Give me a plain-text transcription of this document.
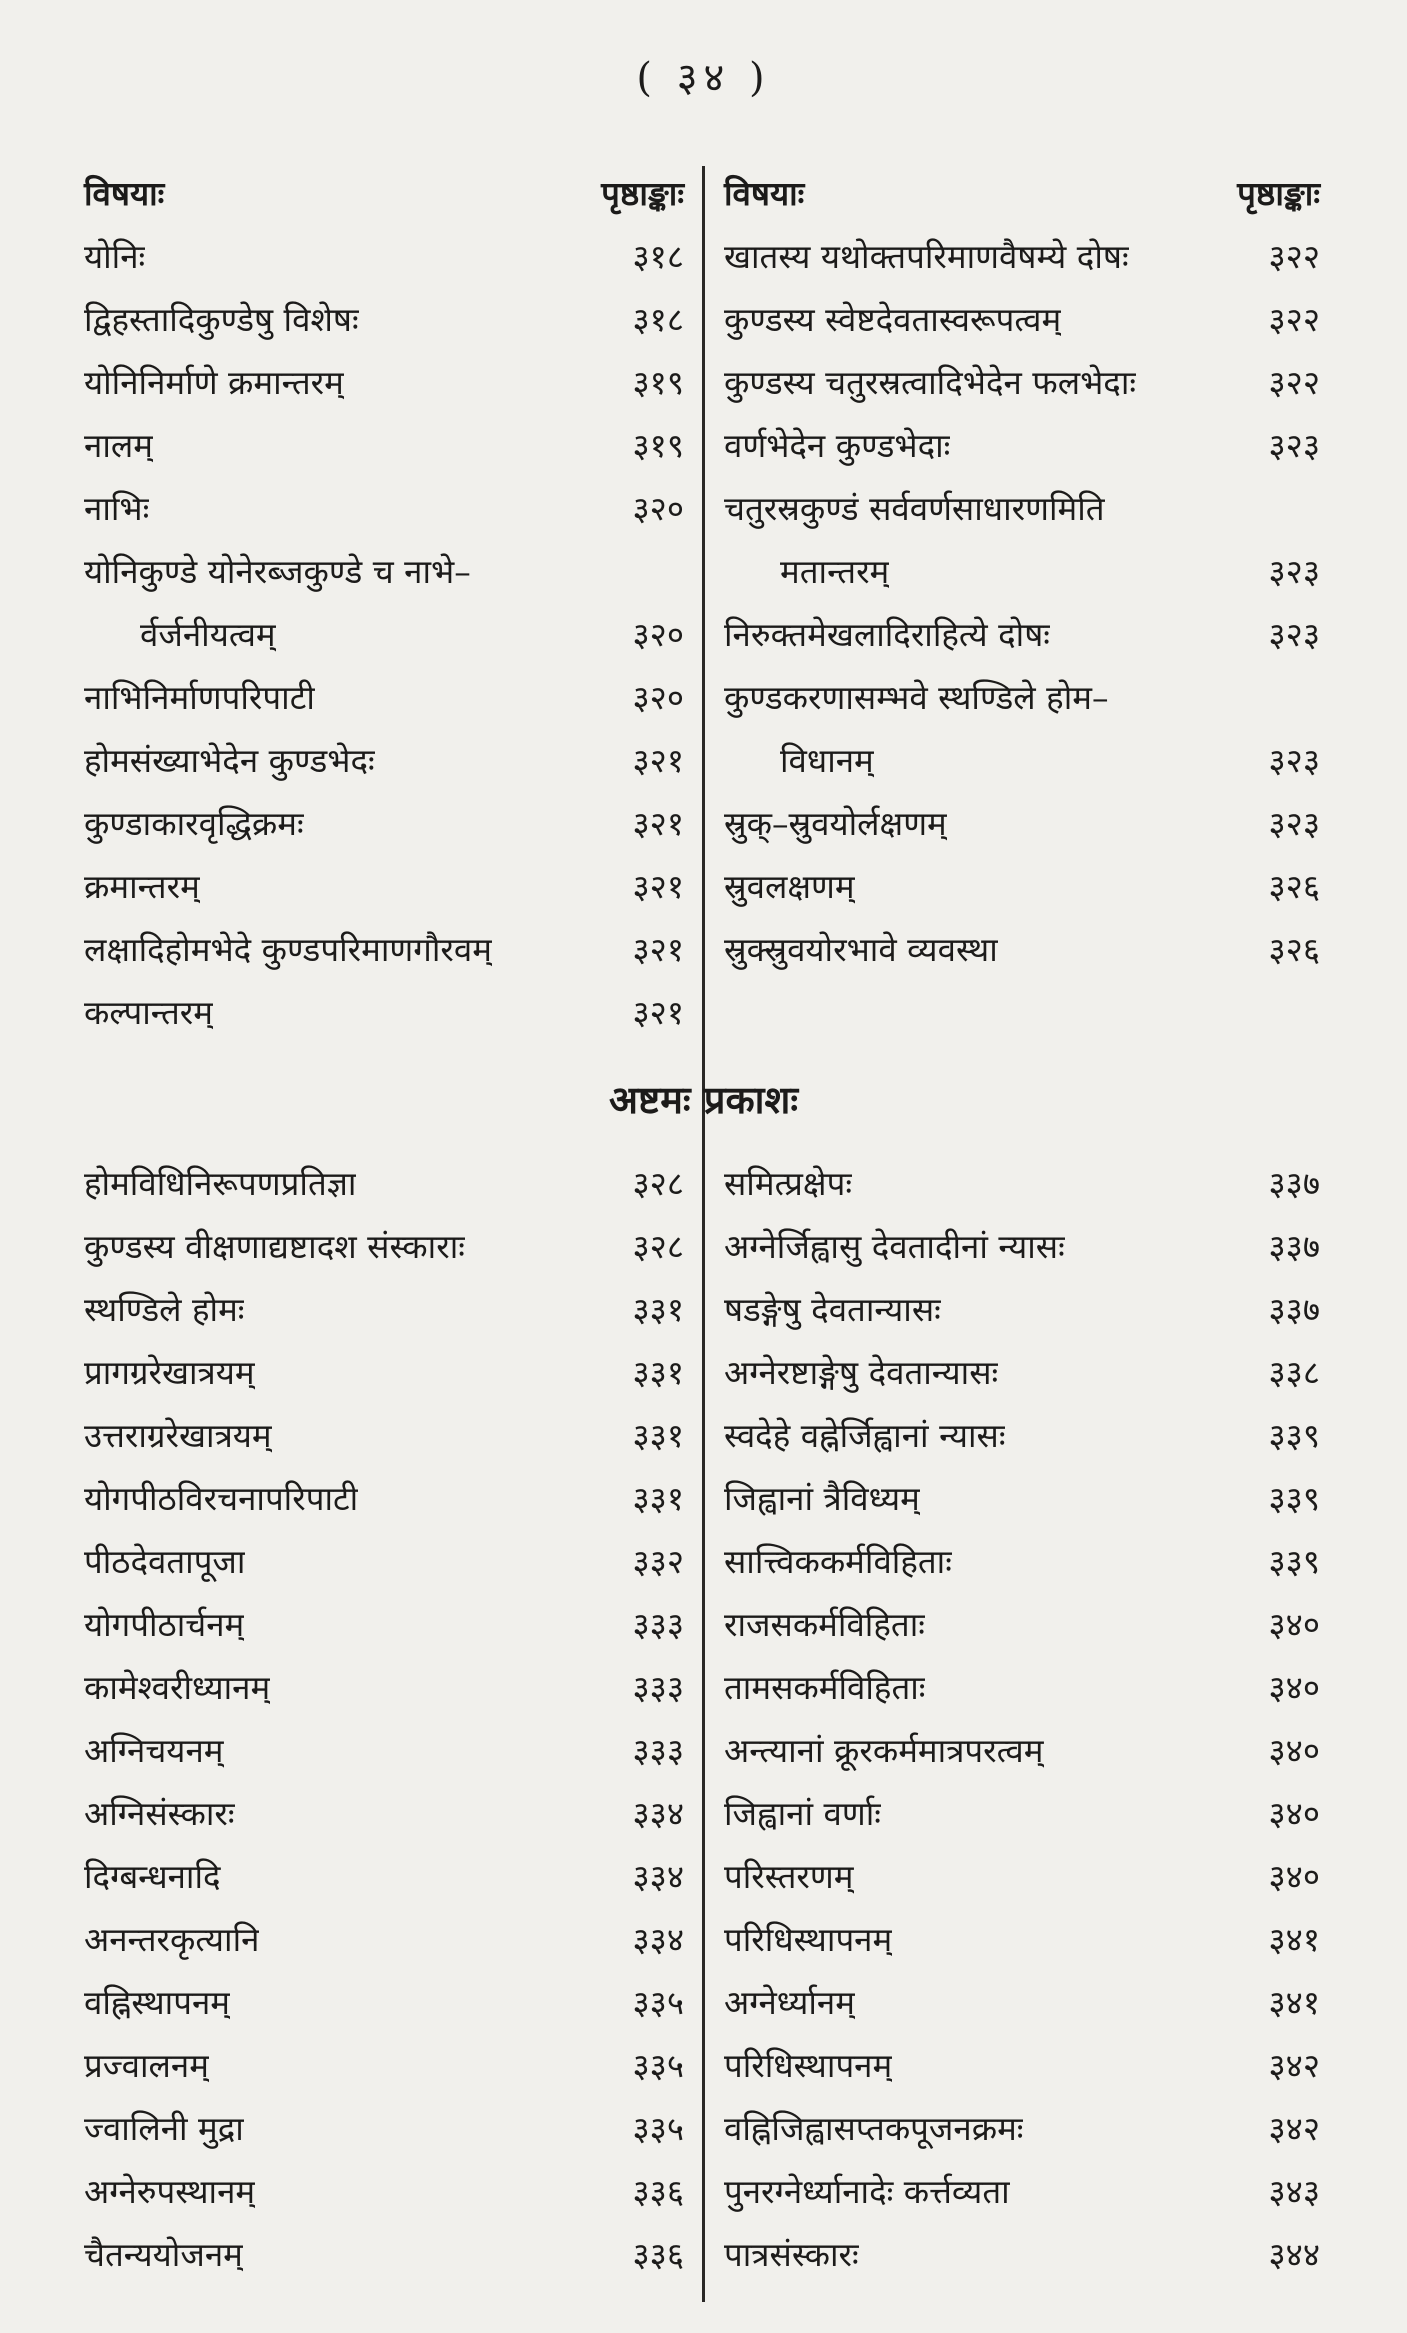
( ३४ )
विषयाः	पृष्ठाङ्काः
योनिः	३१८
द्विहस्तादिकुण्डेषु विशेषः	३१८
योनिनिर्माणे क्रमान्तरम्	३१९
नालम्	३१९
नाभिः	३२०
योनिकुण्डे योनेरब्जकुण्डे च नाभे–
र्वर्जनीयत्वम्	३२०
नाभिनिर्माणपरिपाटी	३२०
होमसंख्याभेदेन कुण्डभेदः	३२१
कुण्डाकारवृद्धिक्रमः	३२१
क्रमान्तरम्	३२१
लक्षादिहोमभेदे कुण्डपरिमाणगौरवम्	३२१
कल्पान्तरम्	३२१
विषयाः	पृष्ठाङ्काः
खातस्य यथोक्तपरिमाणवैषम्ये दोषः	३२२
कुण्डस्य स्वेष्टदेवतास्वरूपत्वम्	३२२
कुण्डस्य चतुरस्रत्वादिभेदेन फलभेदाः	३२२
वर्णभेदेन कुण्डभेदाः	३२३
चतुरस्रकुण्डं सर्ववर्णसाधारणमिति
मतान्तरम्	३२३
निरुक्तमेखलादिराहित्ये दोषः	३२३
कुण्डकरणासम्भवे स्थण्डिले होम–
विधानम्	३२३
स्रुक्–स्रुवयोर्लक्षणम्	३२३
स्रुवलक्षणम्	३२६
स्रुक्स्रुवयोरभावे व्यवस्था	३२६
अष्टमः प्रकाशः
होमविधिनिरूपणप्रतिज्ञा	३२८
कुण्डस्य वीक्षणाद्यष्टादश संस्काराः	३२८
स्थण्डिले होमः	३३१
प्रागग्ररेखात्रयम्	३३१
उत्तराग्ररेखात्रयम्	३३१
योगपीठविरचनापरिपाटी	३३१
पीठदेवतापूजा	३३२
योगपीठार्चनम्	३३३
कामेश्वरीध्यानम्	३३३
अग्निचयनम्	३३३
अग्निसंस्कारः	३३४
दिग्बन्धनादि	३३४
अनन्तरकृत्यानि	३३४
वह्निस्थापनम्	३३५
प्रज्वालनम्	३३५
ज्वालिनी मुद्रा	३३५
अग्नेरुपस्थानम्	३३६
चैतन्ययोजनम्	३३६
समित्प्रक्षेपः	३३७
अग्नेर्जिह्वासु देवतादीनां न्यासः	३३७
षडङ्गेषु देवतान्यासः	३३७
अग्नेरष्टाङ्गेषु देवतान्यासः	३३८
स्वदेहे वह्नेर्जिह्वानां न्यासः	३३९
जिह्वानां त्रैविध्यम्	३३९
सात्त्विककर्मविहिताः	३३९
राजसकर्मविहिताः	३४०
तामसकर्मविहिताः	३४०
अन्त्यानां क्रूरकर्ममात्रपरत्वम्	३४०
जिह्वानां वर्णाः	३४०
परिस्तरणम्	३४०
परिधिस्थापनम्	३४१
अग्नेर्ध्यानम्	३४१
परिधिस्थापनम्	३४२
वह्निजिह्वासप्तकपूजनक्रमः	३४२
पुनरग्नेर्ध्यानादेः कर्त्तव्यता	३४३
पात्रसंस्कारः	३४४
